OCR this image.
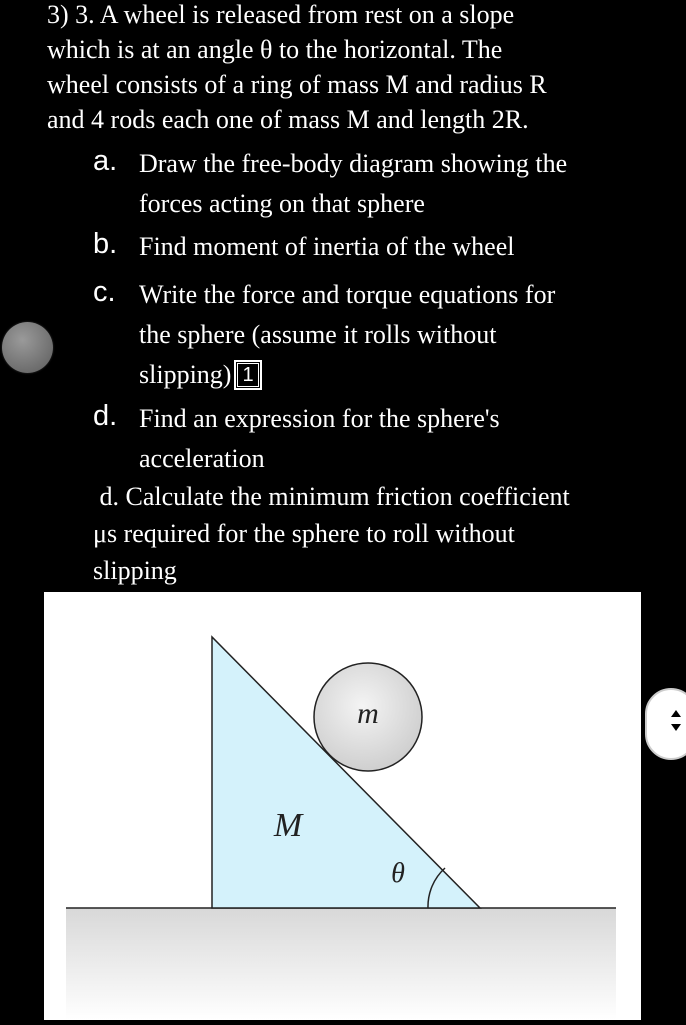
3) 3. A wheel is released from rest on a slope
which is at an angle θ to the horizontal. The
wheel consists of a ring of mass M and radius R
and 4 rods each one of mass M and length 2R.
a. Draw the free-body diagram showing the
forces acting on that sphere
b. Find moment of inertia of the wheel
c. Write the force and torque equations for
the sphere (assume it rolls without
slipping) 1
d. Find an expression for the sphere's
acceleration
d. Calculate the minimum friction coefficient
μs required for the sphere to roll without
slipping
M
m
θ
